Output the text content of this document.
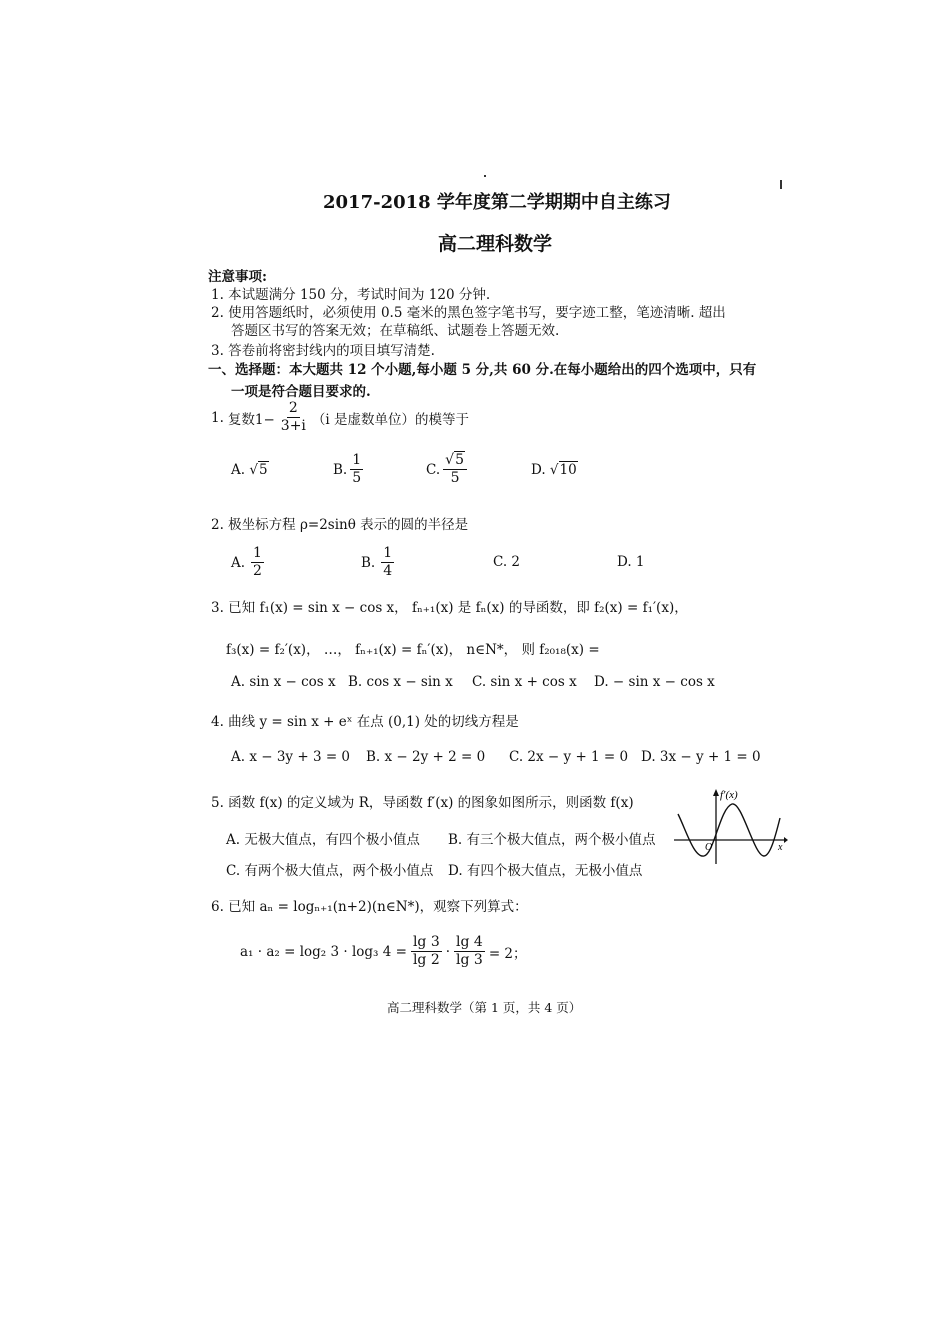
2017-2018 学年度第二学期期中自主练习
高二理科数学
注意事项:
1. 本试题满分 150 分，考试时间为 120 分钟.
2. 使用答题纸时，必须使用 0.5 毫米的黑色签字笔书写，要字迹工整，笔迹清晰. 超出
答题区书写的答案无效；在草稿纸、试题卷上答题无效.
3. 答卷前将密封线内的项目填写清楚.
一、选择题：本大题共 12 个小题,每小题 5 分,共 60 分.在每小题给出的四个选项中，只有
一项是符合题目要求的.
1. 复数$1- \frac{2}{3+i} (i$ 是虚数单位）的模等于
A. √5	B. $\frac{1}{5}$	C. $\frac{√5}{5}$	D. √10
2. 极坐标方程 ρ=2sinθ 表示的圆的半径是
A. $\frac{1}{2}$	B. $\frac{1}{4}$	C. 2	D. 1
3. 已知 f₁(x) = sin x − cos x， fₙ₊₁(x) 是 fₙ(x) 的导函数，即 f₂(x) = f₁′(x)，
f₃(x) = f₂′(x)， …， fₙ₊₁(x) = fₙ′(x)， n∈N*， 则 f₂₀₁₈(x) =
A. sin x − cos x B. cos x − sin x C. sin x + cos x D. − sin x − cos x
4. 曲线 y = sin x + eˣ 在点 (0,1) 处的切线方程是
A. x − 3y + 3 = 0 B. x − 2y + 2 = 0 C. 2x − y + 1 = 0 D. 3x − y + 1 = 0
5. 函数 f(x) 的定义域为 R，导函数 f′(x) 的图象如图所示，则函数 f(x)
A. 无极大值点，有四个极小值点 B. 有三个极大值点，两个极小值点
C. 有两个极大值点，两个极小值点 D. 有四个极大值点，无极小值点
f′(x)
O	x
6. 已知 aₙ = logₙ₊₁(n+2)(n∈N*)，观察下列算式：
a₁ · a₂ = log₂ 3 · log₃ $4 = \frac{\lg 3}{\lg 2} \cdot \frac{\lg 4}{\lg 3} = 2$；
高二理科数学（第 1 页，共 4 页）
